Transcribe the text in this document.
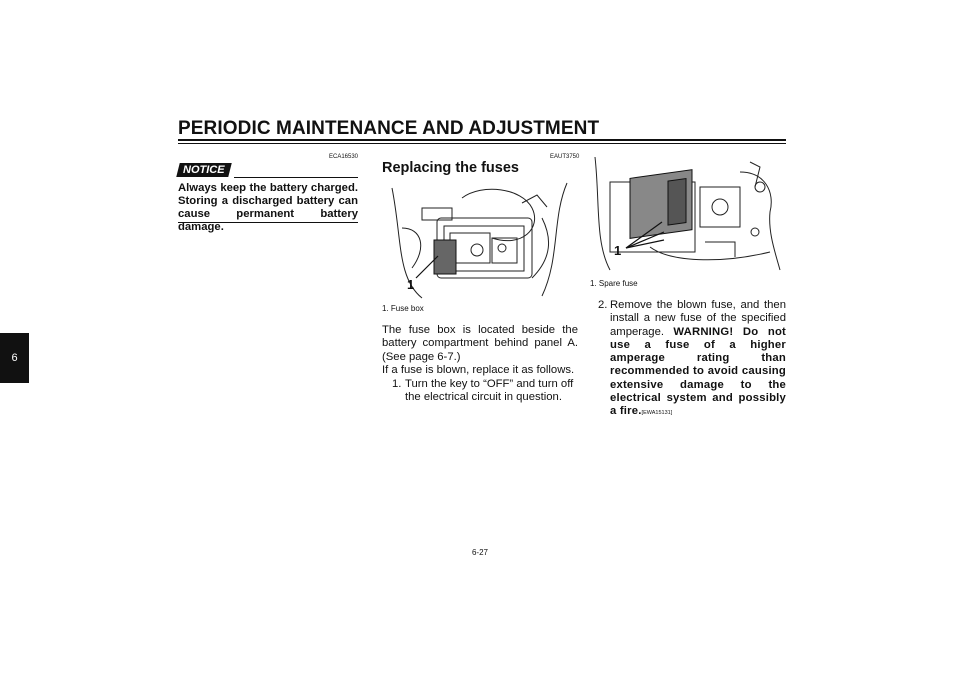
PERIODIC MAINTENANCE AND ADJUSTMENT
6
ECA16530
NOTICE
Always keep the battery charged. Storing a discharged battery can cause permanent battery damage.
EAUT3750
Replacing the fuses
1
1. Fuse box
The fuse box is located beside the battery compartment behind panel A. (See page 6-7.)
If a fuse is blown, replace it as follows.
1. Turn the key to “OFF” and turn off the electrical circuit in question.
1
1. Spare fuse
2. Remove the blown fuse, and then install a new fuse of the specified amperage. WARNING! Do not use a fuse of a higher amperage rating than recommended to avoid causing extensive damage to the electrical system and possibly a fire.[EWA15131]
6-27
